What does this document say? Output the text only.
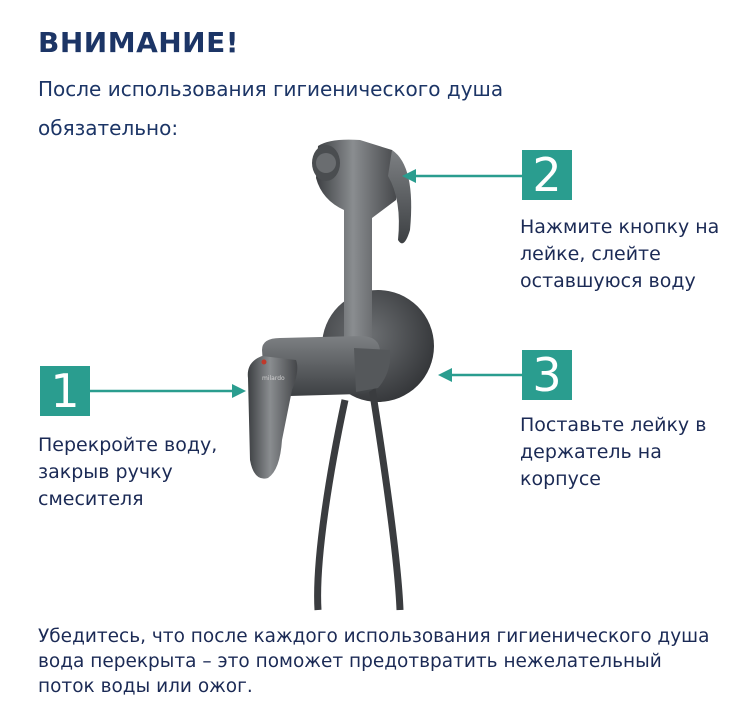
milardo
ВНИМАНИЕ!

После использования гигиенического душа обязательно:

1

Перекройте воду, закрыв ручку смесителя

2

Нажмите кнопку на лейке, слейте оставшуюся воду

3

Поставьте лейку в держатель на корпусе

Убедитесь, что после каждого использования гигиенического душа вода перекрыта – это поможет предотвратить нежелательный поток воды или ожог.
